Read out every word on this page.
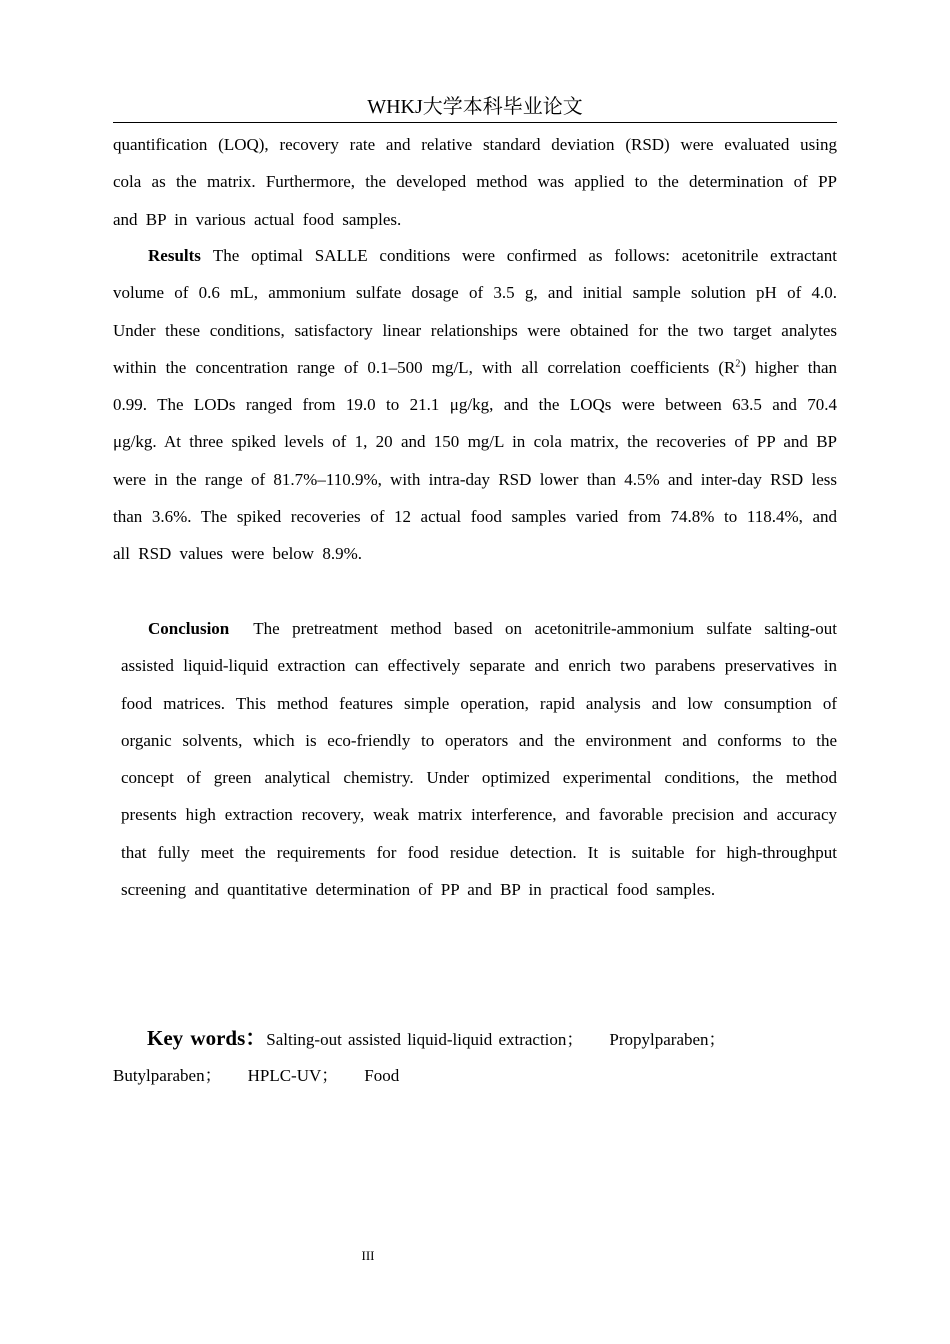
WHKJ大学本科毕业论文

quantification (LOQ), recovery rate and relative standard deviation (RSD) were evaluated using cola as the matrix. Furthermore, the developed method was applied to the determination of PP and BP in various actual food samples.

Results The optimal SALLE conditions were confirmed as follows: acetonitrile extractant volume of 0.6 mL, ammonium sulfate dosage of 3.5 g, and initial sample solution pH of 4.0. Under these conditions, satisfactory linear relationships were obtained for the two target analytes within the concentration range of 0.1–500 mg/L, with all correlation coefficients $(R^2)$ higher than 0.99. The LODs ranged from 19.0 to 21.1 μg/kg, and the LOQs were between 63.5 and 70.4 μg/kg. At three spiked levels of 1, 20 and 150 mg/L in cola matrix, the recoveries of PP and BP were in the range of 81.7%–110.9%, with intra-day RSD lower than 4.5% and inter-day RSD less than 3.6%. The spiked recoveries of 12 actual food samples varied from 74.8% to 118.4%, and all RSD values were below 8.9%.

Conclusion The pretreatment method based on acetonitrile-ammonium sulfate salting-out assisted liquid-liquid extraction can effectively separate and enrich two parabens preservatives in food matrices. This method features simple operation, rapid analysis and low consumption of organic solvents, which is eco-friendly to operators and the environment and conforms to the concept of green analytical chemistry. Under optimized experimental conditions, the method presents high extraction recovery, weak matrix interference, and favorable precision and accuracy that fully meet the requirements for food residue detection. It is suitable for high-throughput screening and quantitative determination of PP and BP in practical food samples.

Key words：Salting-out assisted liquid-liquid extraction； Propylparaben；
Butylparaben； HPLC-UV； Food
III
